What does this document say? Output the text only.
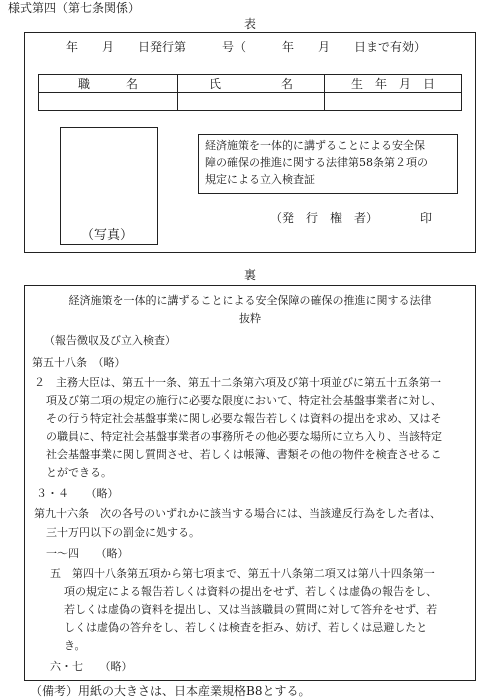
様式第四（第七条関係）
表
年　　月　　日発行第　　　号（　　　年　　月　　日まで有効）
職　　　名	氏　　　　　名	生　年　月　日

（写真）
経済施策を一体的に講ずることによる安全保
障の確保の推進に関する法律第58条第２項の
規定による立入検査証
（発　行　権　者）	印
裏
経済施策を一体的に講ずることによる安全保障の確保の推進に関する法律
抜粋
（報告徴収及び立入検査）
第五十八条　（略）
２　主務大臣は、第五十一条、第五十二条第六項及び第十項並びに第五十五条第一
項及び第二項の規定の施行に必要な限度において、特定社会基盤事業者に対し、
その行う特定社会基盤事業に関し必要な報告若しくは資料の提出を求め、又はそ
の職員に、特定社会基盤事業者の事務所その他必要な場所に立ち入り、当該特定
社会基盤事業に関し質問させ、若しくは帳簿、書類その他の物件を検査させるこ
とができる。
３・４　　（略）
第九十六条　次の各号のいずれかに該当する場合には、当該違反行為をした者は、
三十万円以下の罰金に処する。
一〜四　　（略）
五　第四十八条第五項から第七項まで、第五十八条第二項又は第八十四条第一
項の規定による報告若しくは資料の提出をせず、若しくは虚偽の報告をし、
若しくは虚偽の資料を提出し、又は当該職員の質問に対して答弁をせず、若
しくは虚偽の答弁をし、若しくは検査を拒み、妨げ、若しくは忌避したと
き。
六・七　　（略）
（備考）用紙の大きさは、日本産業規格B8とする。
